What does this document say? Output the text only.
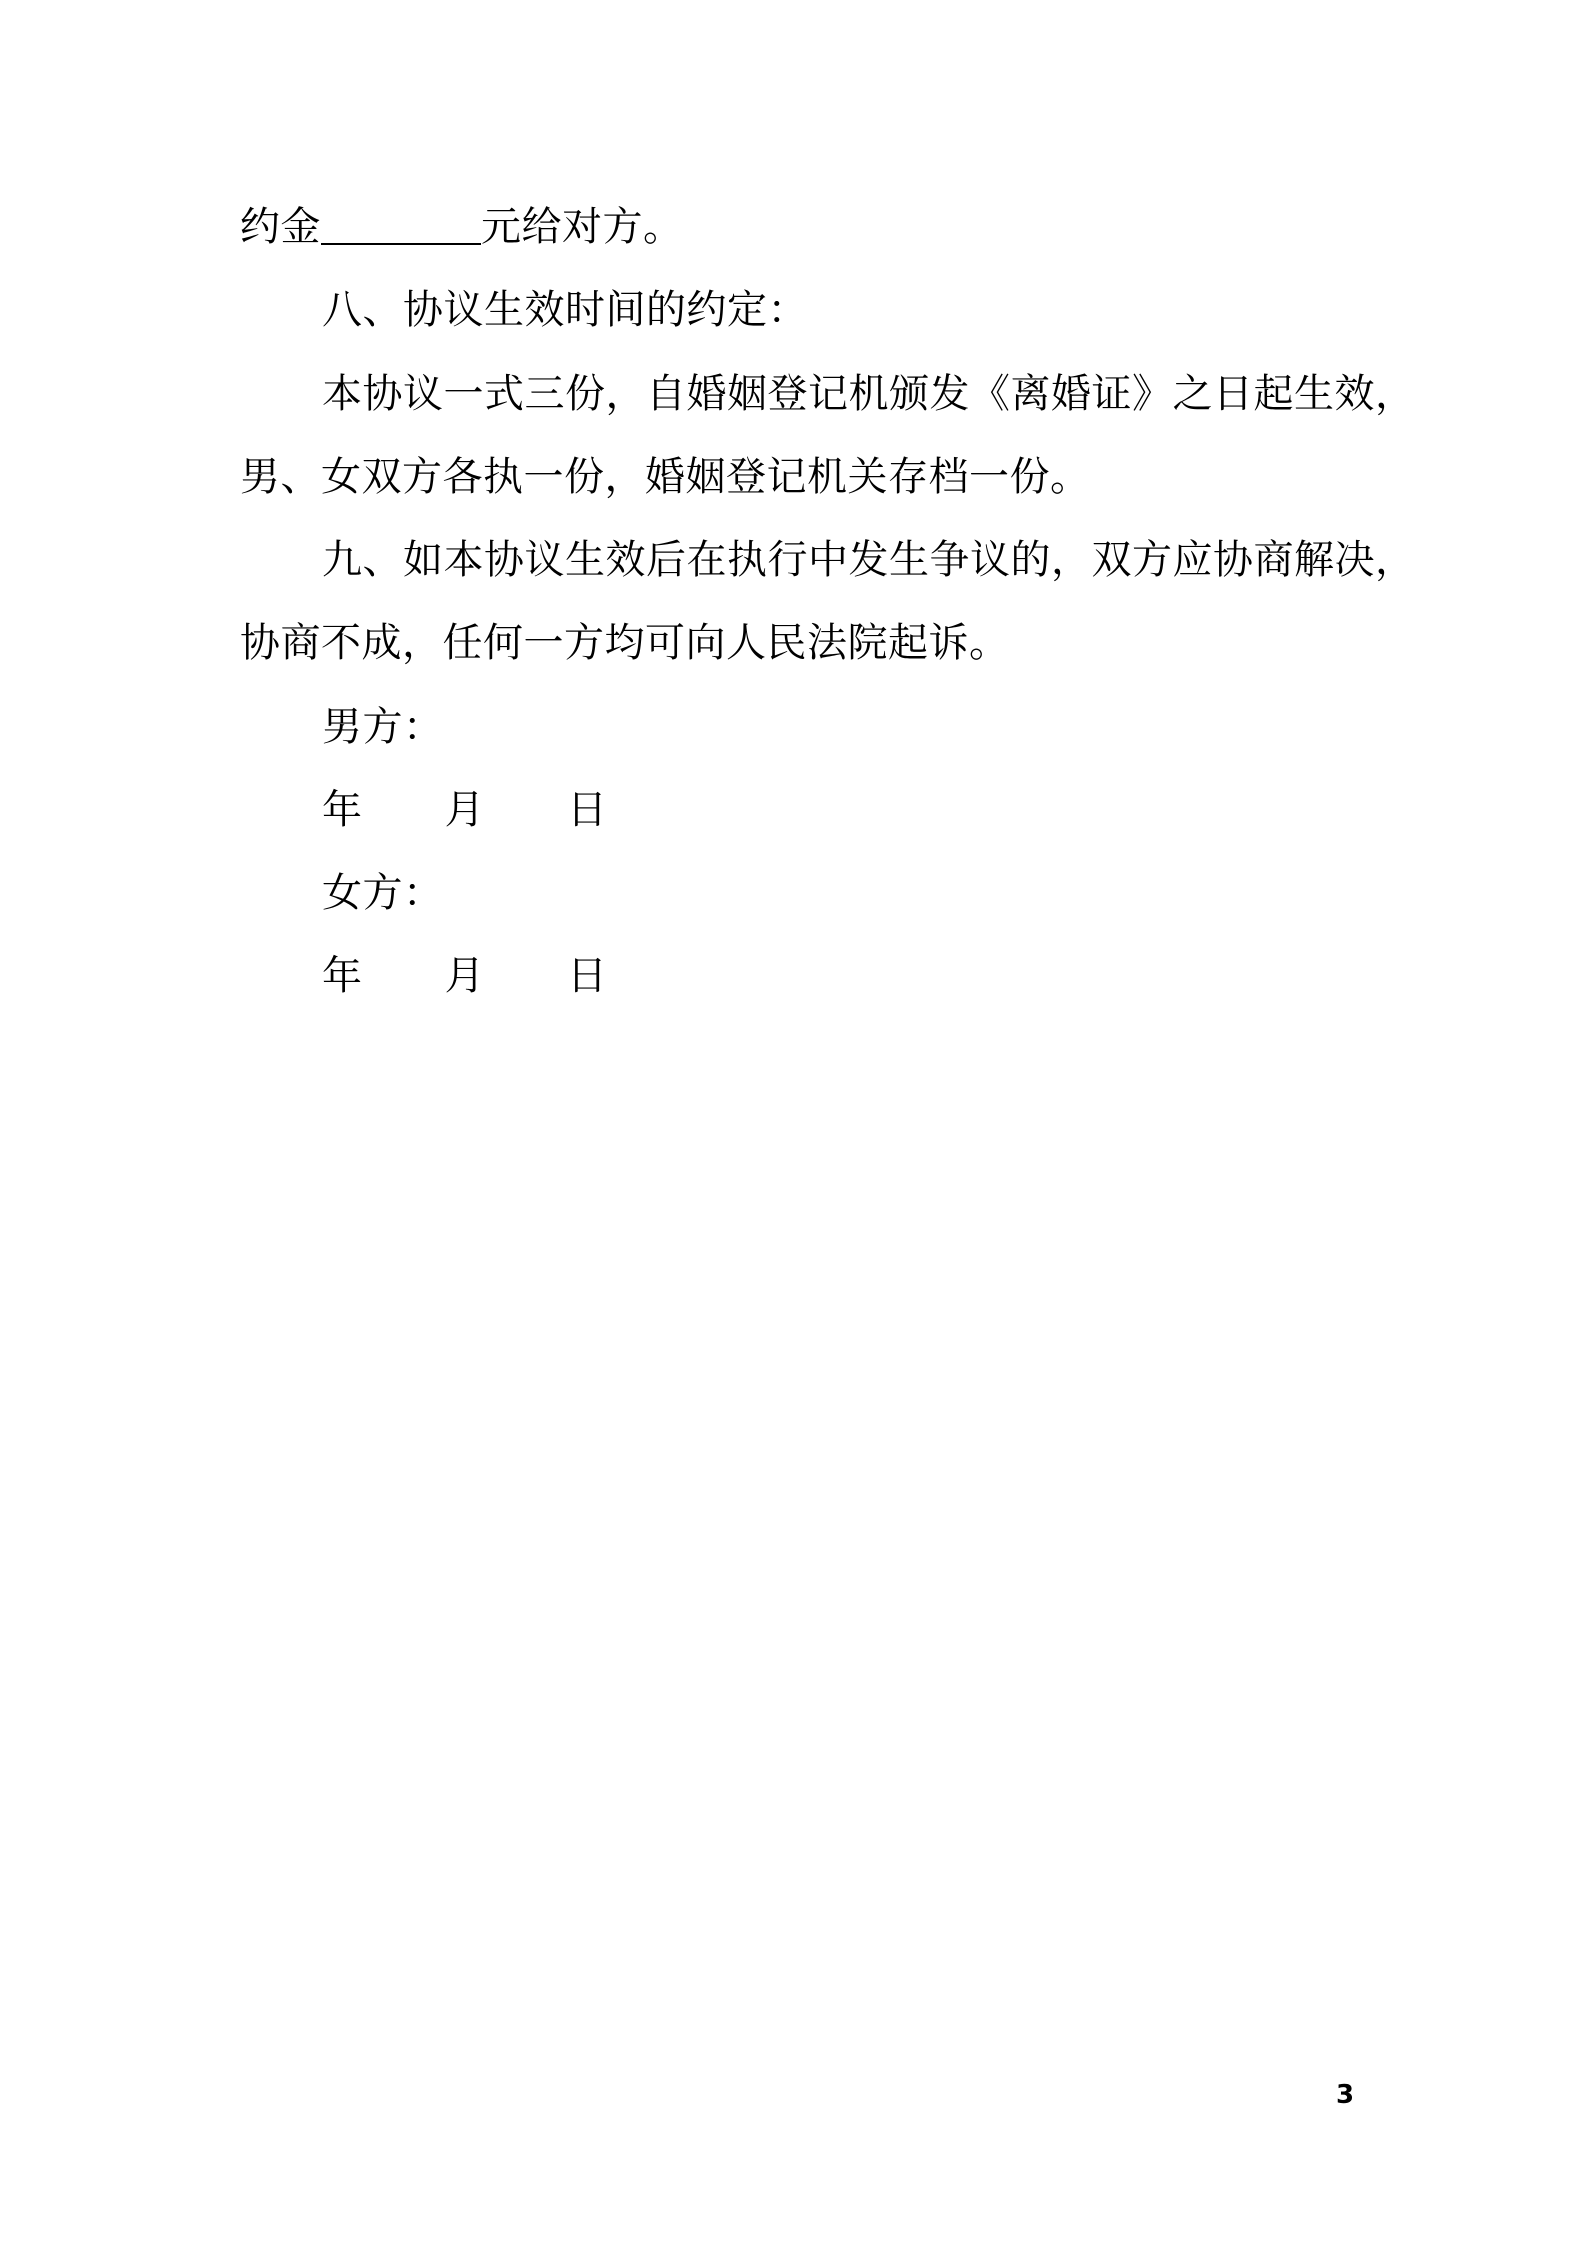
约金	元给对方。
八、协议生效时间的约定：
本协议一式三份，自婚姻登记机颁发《离婚证》之日起生效，
男、女双方各执一份，婚姻登记机关存档一份。
九、如本协议生效后在执行中发生争议的，双方应协商解决，
协商不成，任何一方均可向人民法院起诉。
男方：
年 月 日
女方：
年 月 日
3
